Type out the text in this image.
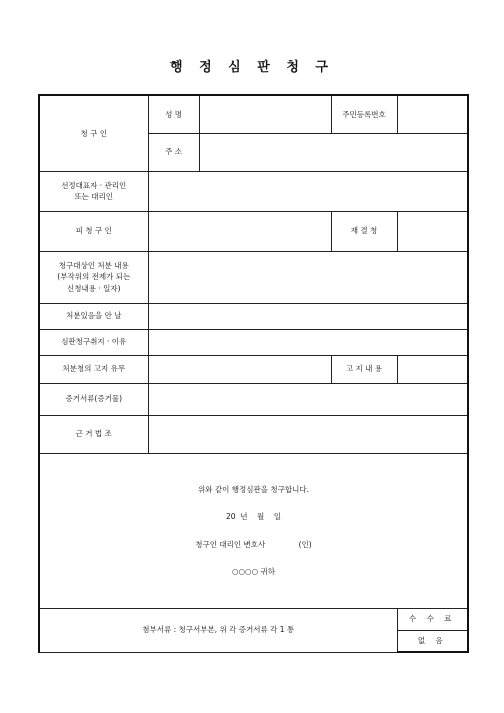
행 정 심 판 청 구
청 구 인	성 명		주민등록번호	
	주 소			

선정대표자 · 관리인
또는 대리인				

피 청 구 인			재 결 청	

청구대상인 처분 내용
(부작위의 전제가 되는
신청내용 · 일자)				

처분있음을 안 날				
심판청구취지 · 이유				
처분청의 고지 유무			고 지 내 용	
증거서류(증거물)				
근 거 법 조				

위와 같이 행정심판을 청구합니다.
20  년    월    일
청구인 대리인 변호사              (인)
○○○○ 귀하				

첨부서류 : 청구서부본, 위 각 증거서류 각 1 통				수 수 료
				없 음
